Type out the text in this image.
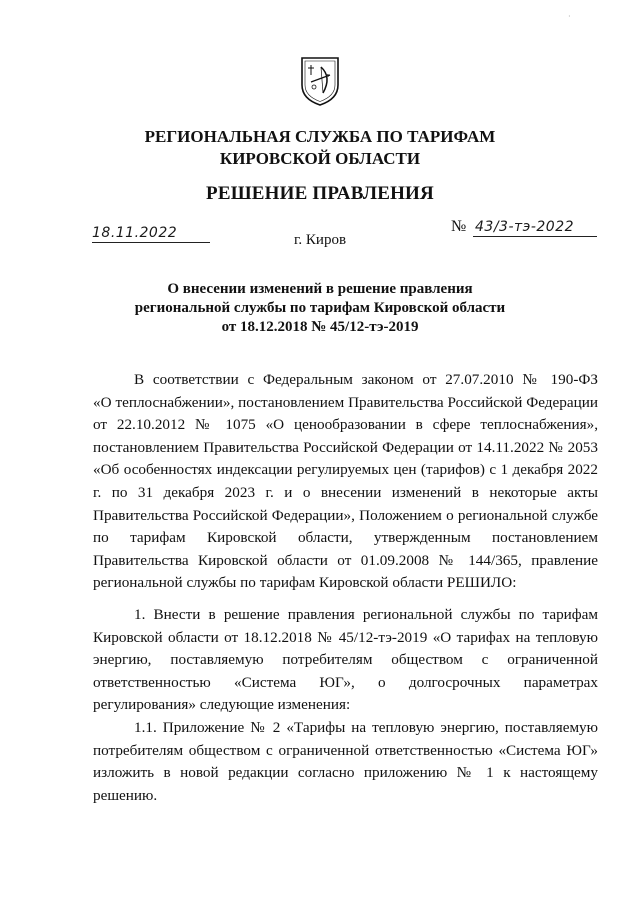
·
РЕГИОНАЛЬНАЯ СЛУЖБА ПО ТАРИФАМ
КИРОВСКОЙ ОБЛАСТИ
РЕШЕНИЕ ПРАВЛЕНИЯ
18.11.2022	№ 43/3-тэ-2022
г. Киров
О внесении изменений в решение правления
региональной службы по тарифам Кировской области
от 18.12.2018 № 45/12-тэ-2019
В соответствии с Федеральным законом от 27.07.2010 № 190-ФЗ
«О теплоснабжении», постановлением Правительства Российской Федерации
от 22.10.2012 № 1075 «О ценообразовании в сфере теплоснабжения»,
постановлением Правительства Российской Федерации от 14.11.2022 № 2053
«Об особенностях индексации регулируемых цен (тарифов) с 1 декабря 2022
г. по 31 декабря 2023 г. и о внесении изменений в некоторые акты
Правительства Российской Федерации», Положением о региональной службе
по тарифам Кировской области, утвержденным постановлением
Правительства Кировской области от 01.09.2008 № 144/365, правление
региональной службы по тарифам Кировской области РЕШИЛО:
1. Внести в решение правления региональной службы по тарифам
Кировской области от 18.12.2018 № 45/12-тэ-2019 «О тарифах на тепловую
энергию, поставляемую потребителям обществом с ограниченной
ответственностью «Система ЮГ», о долгосрочных параметрах
регулирования» следующие изменения:
1.1. Приложение № 2 «Тарифы на тепловую энергию, поставляемую
потребителям обществом с ограниченной ответственностью «Система ЮГ»
изложить в новой редакции согласно приложению № 1 к настоящему
решению.
